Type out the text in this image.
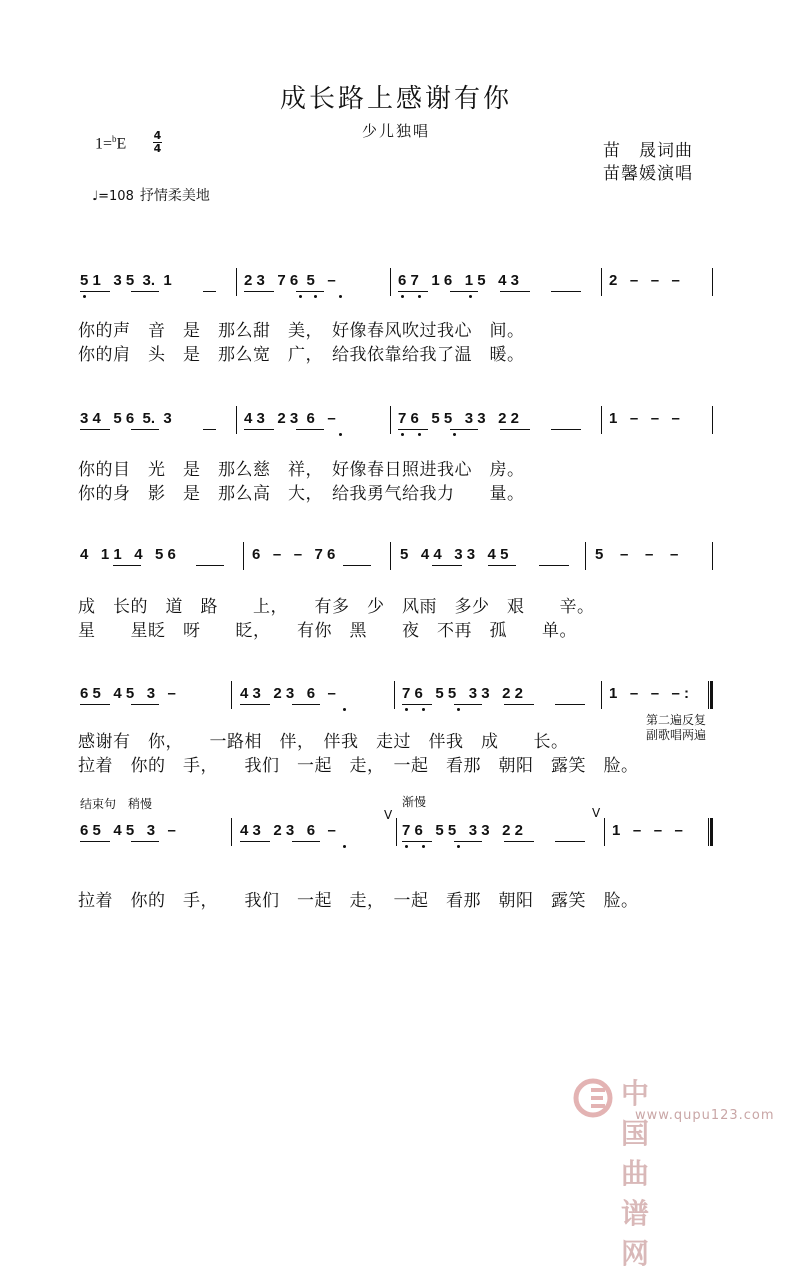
成长路上感谢有你
少儿独唱
1=$^b$E 4
4	苗　晟词曲
苗馨媛演唱
♩=108 抒情柔美地
5 1   3 5  3.  1	2 3   7 6  5   –	6 7   1 6   1 5   4 3	2   –   –   –
你的声　音　是　那么甜　美，　好像春风吹过我心　间。
你的肩　头　是　那么宽　广，　给我依靠给我了温　暖。
3 4   5 6  5.  3	4 3   2 3  6   –	7 6   5 5   3 3   2 2	1   –   –   –
你的目　光　是　那么慈　祥，　好像春日照进我心　房。
你的身　影　是　那么高　大，　给我勇气给我力　　量。
4   1 1   4   5 6	6   –   –   7 6	5   4 4   3 3   4 5	5    –    –    –
成　长的　道　路　　上，　　有多　少　风雨　多少　艰　　辛。
星　　星眨　呀　　眨，　　有你　黑　　夜　不再　孤　　单。
6 5   4 5   3   –	4 3   2 3   6   –	7 6   5 5   3 3   2 2	1   –   –   – :
第二遍反复
副歌唱两遍
感谢有　你，　　一路相　伴，　伴我　走过　伴我　成　　长。
拉着　你的　手，　　我们　一起　走，　一起　看那　朝阳　露笑　脸。
结束句　稍慢	渐慢
6 5   4 5   3   –	4 3   2 3   6   –
V
7 6   5 5   3 3   2 2
V
1   –   –   –
拉着　你的　手，　　我们　一起　走，　一起　看那　朝阳　露笑　脸。
中国曲谱网
www.qupu123.com
